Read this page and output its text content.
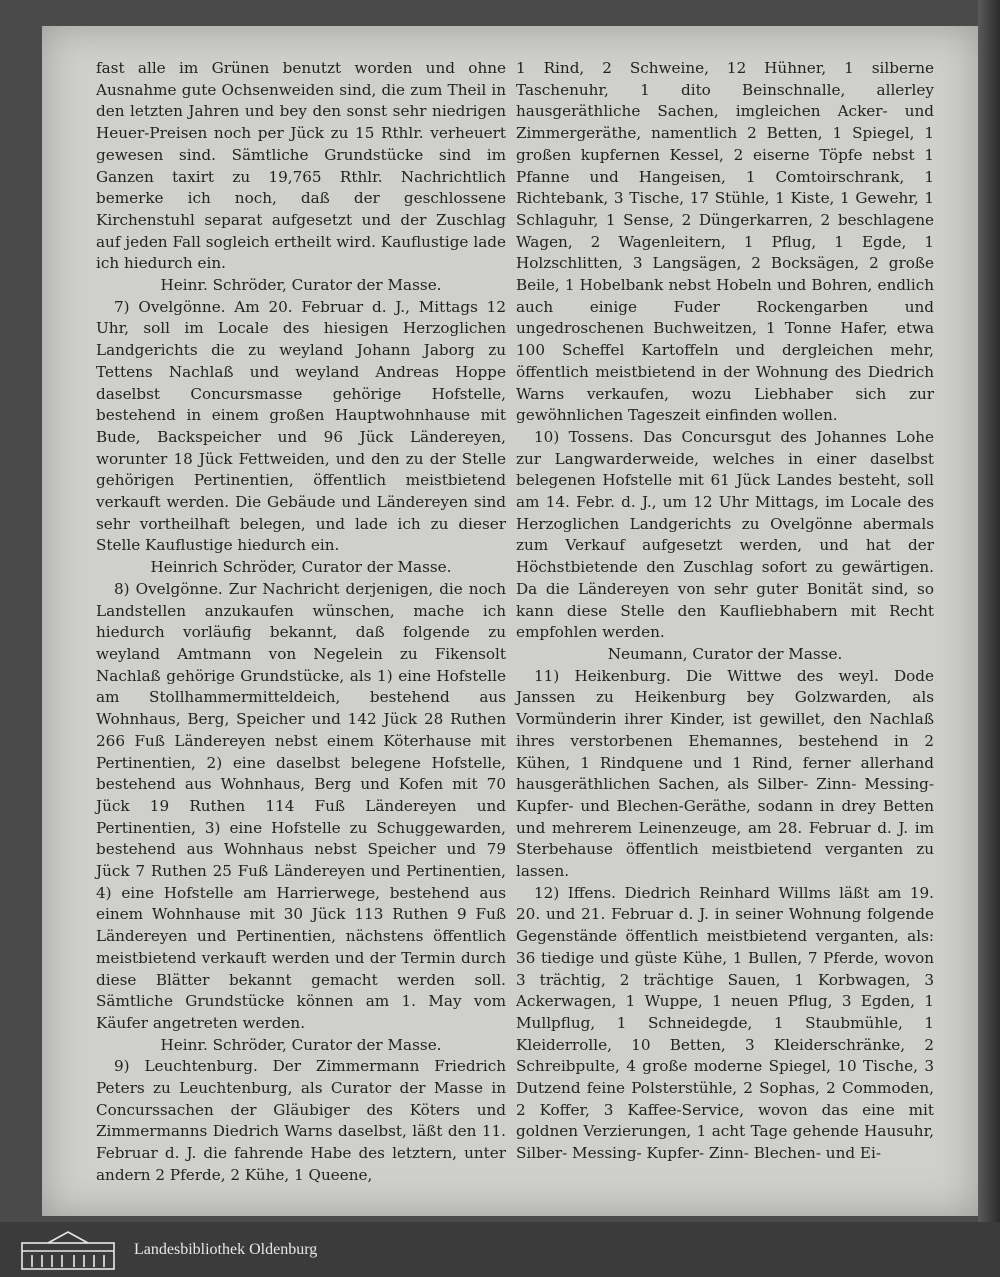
fast alle im Grünen benutzt worden und ohne Ausnahme gute Ochsenweiden sind, die zum Theil in den letzten Jahren und bey den sonst sehr niedrigen Heuer-Preisen noch per Jück zu 15 Rthlr. verheuert gewesen sind. Sämtliche Grundstücke sind im Ganzen taxirt zu 19,765 Rthlr. Nachrichtlich bemerke ich noch, daß der geschlossene Kirchenstuhl separat aufgesetzt und der Zuschlag auf jeden Fall sogleich ertheilt wird. Kauflustige lade ich hiedurch ein.

Heinr. Schröder, Curator der Masse.

7) Ovelgönne. Am 20. Februar d. J., Mittags 12 Uhr, soll im Locale des hiesigen Herzoglichen Landgerichts die zu weyland Johann Jaborg zu Tettens Nachlaß und weyland Andreas Hoppe daselbst Concursmasse gehörige Hofstelle, bestehend in einem großen Hauptwohnhause mit Bude, Backspeicher und 96 Jück Ländereyen, worunter 18 Jück Fettweiden, und den zu der Stelle gehörigen Pertinentien, öffentlich meistbietend verkauft werden. Die Gebäude und Ländereyen sind sehr vortheilhaft belegen, und lade ich zu dieser Stelle Kauflustige hiedurch ein.

Heinrich Schröder, Curator der Masse.

8) Ovelgönne. Zur Nachricht derjenigen, die noch Landstellen anzukaufen wünschen, mache ich hiedurch vorläufig bekannt, daß folgende zu weyland Amtmann von Negelein zu Fikensolt Nachlaß gehörige Grundstücke, als 1) eine Hofstelle am Stollhammermitteldeich, bestehend aus Wohnhaus, Berg, Speicher und 142 Jück 28 Ruthen 266 Fuß Ländereyen nebst einem Köterhause mit Pertinentien, 2) eine daselbst belegene Hofstelle, bestehend aus Wohnhaus, Berg und Kofen mit 70 Jück 19 Ruthen 114 Fuß Ländereyen und Pertinentien, 3) eine Hofstelle zu Schuggewarden, bestehend aus Wohnhaus nebst Speicher und 79 Jück 7 Ruthen 25 Fuß Ländereyen und Pertinentien, 4) eine Hofstelle am Harrierwege, bestehend aus einem Wohnhause mit 30 Jück 113 Ruthen 9 Fuß Ländereyen und Pertinentien, nächstens öffentlich meistbietend verkauft werden und der Termin durch diese Blätter bekannt gemacht werden soll. Sämtliche Grundstücke können am 1. May vom Käufer angetreten werden.

Heinr. Schröder, Curator der Masse.

9) Leuchtenburg. Der Zimmermann Friedrich Peters zu Leuchtenburg, als Curator der Masse in Concurssachen der Gläubiger des Köters und Zimmermanns Diedrich Warns daselbst, läßt den 11. Februar d. J. die fahrende Habe des letztern, unter andern 2 Pferde, 2 Kühe, 1 Queene,

1 Rind, 2 Schweine, 12 Hühner, 1 silberne Taschenuhr, 1 dito Beinschnalle, allerley hausgeräthliche Sachen, imgleichen Acker- und Zimmergeräthe, namentlich 2 Betten, 1 Spiegel, 1 großen kupfernen Kessel, 2 eiserne Töpfe nebst 1 Pfanne und Hangeisen, 1 Comtoirschrank, 1 Richtebank, 3 Tische, 17 Stühle, 1 Kiste, 1 Gewehr, 1 Schlaguhr, 1 Sense, 2 Düngerkarren, 2 beschlagene Wagen, 2 Wagenleitern, 1 Pflug, 1 Egde, 1 Holzschlitten, 3 Langsägen, 2 Bocksägen, 2 große Beile, 1 Hobelbank nebst Hobeln und Bohren, endlich auch einige Fuder Rockengarben und ungedroschenen Buchweitzen, 1 Tonne Hafer, etwa 100 Scheffel Kartoffeln und dergleichen mehr, öffentlich meistbietend in der Wohnung des Diedrich Warns verkaufen, wozu Liebhaber sich zur gewöhnlichen Tageszeit einfinden wollen.

10) Tossens. Das Concursgut des Johannes Lohe zur Langwarderweide, welches in einer daselbst belegenen Hofstelle mit 61 Jück Landes besteht, soll am 14. Febr. d. J., um 12 Uhr Mittags, im Locale des Herzoglichen Landgerichts zu Ovelgönne abermals zum Verkauf aufgesetzt werden, und hat der Höchstbietende den Zuschlag sofort zu gewärtigen. Da die Ländereyen von sehr guter Bonität sind, so kann diese Stelle den Kaufliebhabern mit Recht empfohlen werden.

Neumann, Curator der Masse.

11) Heikenburg. Die Wittwe des weyl. Dode Janssen zu Heikenburg bey Golzwarden, als Vormünderin ihrer Kinder, ist gewillet, den Nachlaß ihres verstorbenen Ehemannes, bestehend in 2 Kühen, 1 Rindquene und 1 Rind, ferner allerhand hausgeräthlichen Sachen, als Silber- Zinn- Messing- Kupfer- und Blechen-Geräthe, sodann in drey Betten und mehrerem Leinenzeuge, am 28. Februar d. J. im Sterbehause öffentlich meistbietend verganten zu lassen.

12) Iffens. Diedrich Reinhard Willms läßt am 19. 20. und 21. Februar d. J. in seiner Wohnung folgende Gegenstände öffentlich meistbietend verganten, als: 36 tiedige und güste Kühe, 1 Bullen, 7 Pferde, wovon 3 trächtig, 2 trächtige Sauen, 1 Korbwagen, 3 Ackerwagen, 1 Wuppe, 1 neuen Pflug, 3 Egden, 1 Mullpflug, 1 Schneidegde, 1 Staubmühle, 1 Kleiderrolle, 10 Betten, 3 Kleiderschränke, 2 Schreibpulte, 4 große moderne Spiegel, 10 Tische, 3 Dutzend feine Polsterstühle, 2 Sophas, 2 Commoden, 2 Koffer, 3 Kaffee-Service, wovon das eine mit goldnen Verzierungen, 1 acht Tage gehende Hausuhr, Silber- Messing- Kupfer- Zinn- Blechen- und Ei-

Landesbibliothek Oldenburg
